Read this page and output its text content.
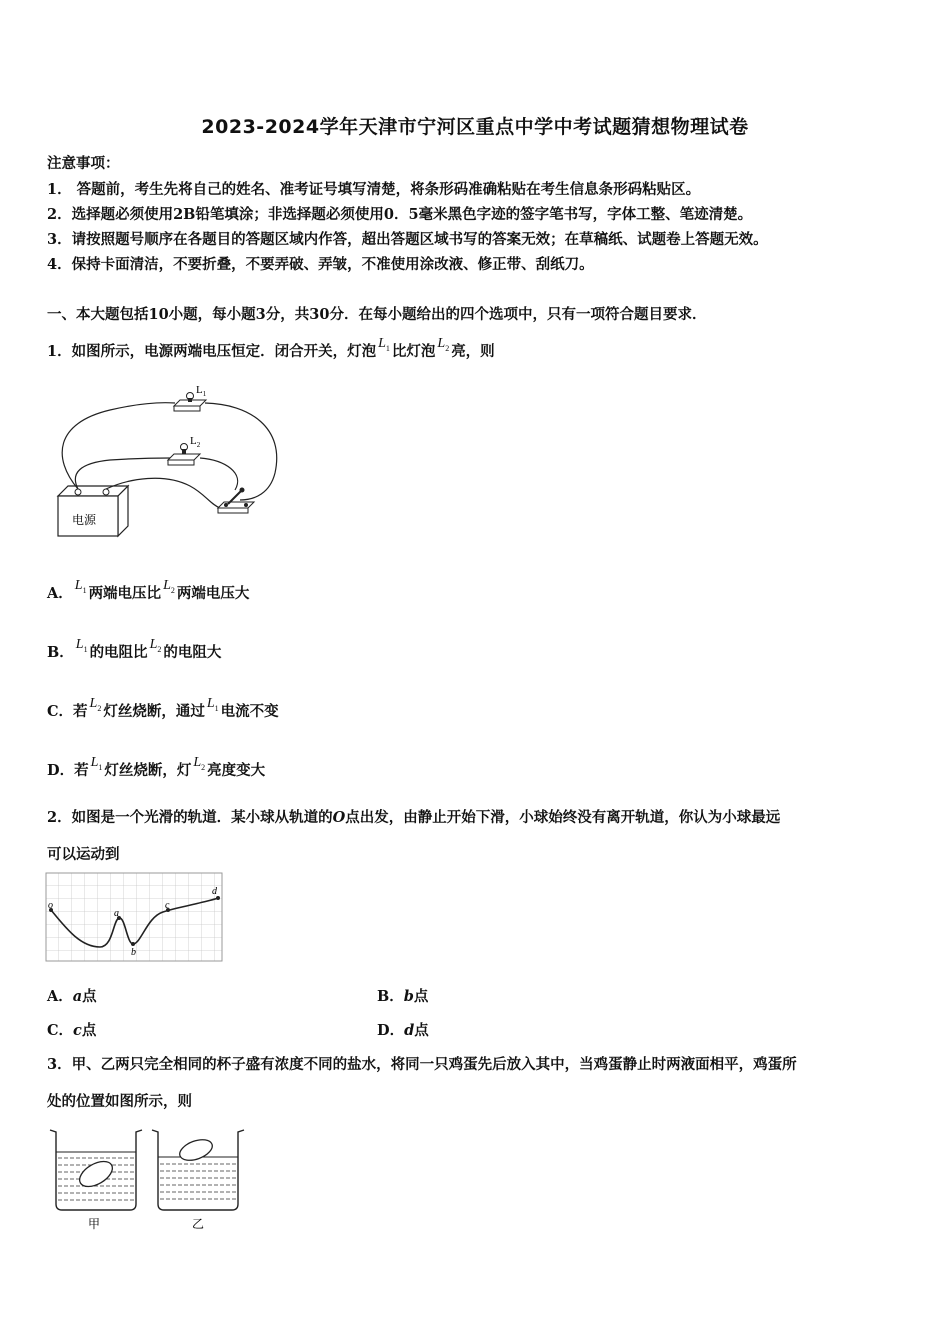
2023-2024学年天津市宁河区重点中学中考试题猜想物理试卷
注意事项：
1． 答题前，考生先将自己的姓名、准考证号填写清楚，将条形码准确粘贴在考生信息条形码粘贴区。
2．选择题必须使用2B铅笔填涂；非选择题必须使用0．5毫米黑色字迹的签字笔书写，字体工整、笔迹清楚。
3．请按照题号顺序在各题目的答题区域内作答，超出答题区域书写的答案无效；在草稿纸、试题卷上答题无效。
4．保持卡面清洁，不要折叠，不要弄破、弄皱，不准使用涂改液、修正带、刮纸刀。
一、本大题包括10小题，每小题3分，共30分．在每小题给出的四个选项中，只有一项符合题目要求．
1．如图所示，电源两端电压恒定．闭合开关，灯泡 $L_1$ 比灯泡 $L_2$ 亮，则
电源
$L_1$
$L_2$
A． $L_1$ 两端电压比 $L_2$ 两端电压大
B． $L_1$ 的电阻比 $L_2$ 的电阻大
C．若 $L_2$ 灯丝烧断，通过 $L_1$ 电流不变
D．若 $L_1$ 灯丝烧断，灯 $L_2$ 亮度变大
2．如图是一个光滑的轨道．某小球从轨道的O点出发，由静止开始下滑，小球始终没有离开轨道，你认为小球最远
可以运动到
o
a
b
c
d
A．a点	B．b点
C．c点	D．d点
3．甲、乙两只完全相同的杯子盛有浓度不同的盐水，将同一只鸡蛋先后放入其中，当鸡蛋静止时两液面相平，鸡蛋所
处的位置如图所示，则
甲	乙
